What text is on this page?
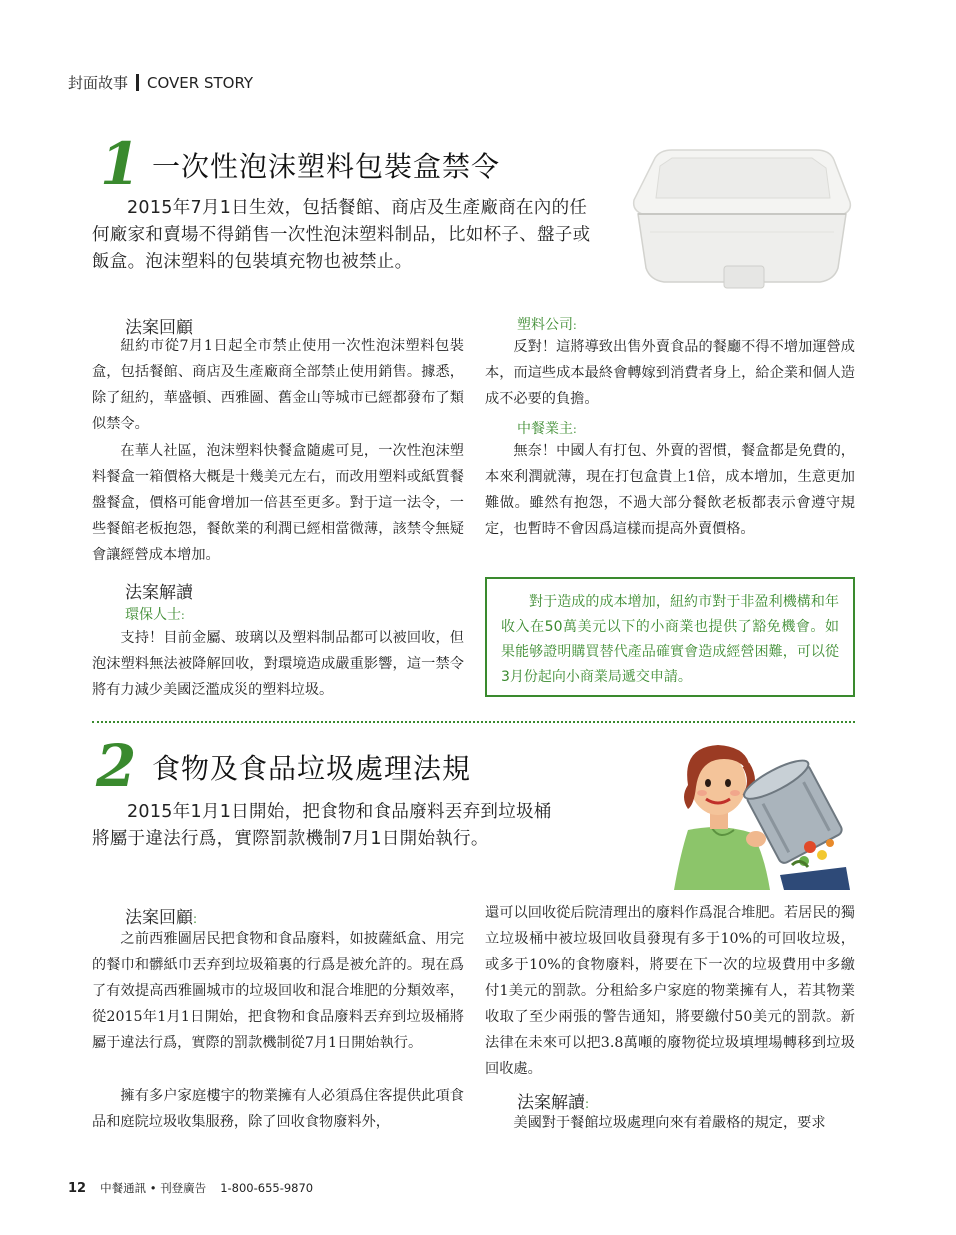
封面故事 COVER STORY
1 一次性泡沫塑料包裝盒禁令
2015年7月1日生效，包括餐館、商店及生產廠商在內的任何廠家和賣場不得銷售一次性泡沫塑料制品，比如杯子、盤子或飯盒。泡沫塑料的包裝填充物也被禁止。
法案回顧
紐約市從7月1日起全市禁止使用一次性泡沫塑料包裝盒，包括餐館、商店及生產廠商全部禁止使用銷售。據悉，除了紐約，華盛頓、西雅圖、舊金山等城市已經都發布了類似禁令。
在華人社區，泡沫塑料快餐盒隨處可見，一次性泡沫塑料餐盒一箱價格大概是十幾美元左右，而改用塑料或紙質餐盤餐盒，價格可能會增加一倍甚至更多。對于這一法令，一些餐館老板抱怨，餐飲業的利潤已經相當微薄，該禁令無疑會讓經營成本增加。
法案解讀
環保人士:
支持！目前金屬、玻璃以及塑料制品都可以被回收，但泡沫塑料無法被降解回收，對環境造成嚴重影響，這一禁令將有力減少美國泛濫成災的塑料垃圾。
塑料公司:
反對！這將導致出售外賣食品的餐廳不得不增加運營成本，而這些成本最終會轉嫁到消費者身上，給企業和個人造成不必要的負擔。
中餐業主:
無奈！中國人有打包、外賣的習慣，餐盒都是免費的，本來利潤就薄，現在打包盒貴上1倍，成本增加，生意更加難做。雖然有抱怨，不過大部分餐飲老板都表示會遵守規定，也暫時不會因爲這樣而提高外賣價格。

對于造成的成本增加，紐約市對于非盈利機構和年收入在50萬美元以下的小商業也提供了豁免機會。如果能够證明購買替代產品確實會造成經營困難，可以從3月份起向小商業局遞交申請。

2 食物及食品垃圾處理法規
2015年1月1日開始，把食物和食品廢料丟弃到垃圾桶將屬于違法行爲，實際罰款機制7月1日開始執行。
法案回顧:
之前西雅圖居民把食物和食品廢料，如披薩紙盒、用完的餐巾和髒紙巾丟弃到垃圾箱裏的行爲是被允許的。現在爲了有效提高西雅圖城市的垃圾回收和混合堆肥的分類效率，從2015年1月1日開始，把食物和食品廢料丟弃到垃圾桶將　屬于違法行爲，實際的罰款機制從7月1日開始執行。
擁有多户家庭樓宇的物業擁有人必須爲住客提供此項食品和庭院垃圾收集服務，除了回收食物廢料外，
還可以回收從后院清理出的廢料作爲混合堆肥。若居民的獨立垃圾桶中被垃圾回收員發現有多于10%的可回收垃圾，或多于10%的食物廢料，將要在下一次的垃圾費用中多繳付1美元的罰款。分租給多户家庭的物業擁有人，若其物業收取了至少兩張的警告通知，將要繳付50美元的罰款。新法律在未來可以把3.8萬噸的廢物從垃圾填埋場轉移到垃圾回收處。
法案解讀:
美國對于餐館垃圾處理向來有着嚴格的規定，要求
12 中餐通訊 • 刊登廣告 1-800-655-9870
